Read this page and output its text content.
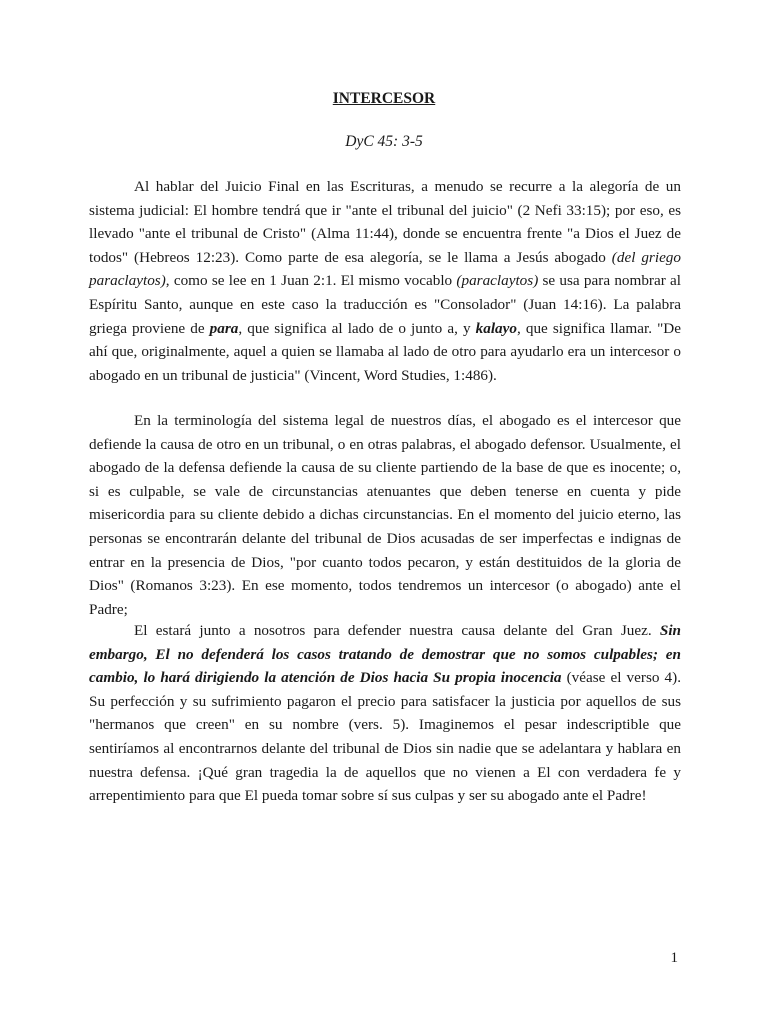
INTERCESOR
DyC 45: 3-5

Al hablar del Juicio Final en las Escrituras, a menudo se recurre a la alegoría de un sistema judicial: El hombre tendrá que ir "ante el tribunal del juicio" (2 Nefi 33:15); por eso, es llevado "ante el tribunal de Cristo" (Alma 11:44), donde se encuentra frente "a Dios el Juez de todos" (Hebreos 12:23). Como parte de esa alegoría, se le llama a Jesús abogado (del griego paraclaytos), como se lee en 1 Juan 2:1. El mismo vocablo (paraclaytos) se usa para nombrar al Espíritu Santo, aunque en este caso la traducción es "Consolador" (Juan 14:16). La palabra griega proviene de para, que significa al lado de o junto a, y kalayo, que significa llamar. "De ahí que, originalmente, aquel a quien se llamaba al lado de otro para ayudarlo era un intercesor o abogado en un tribunal de justicia" (Vincent, Word Studies, 1:486).

En la terminología del sistema legal de nuestros días, el abogado es el intercesor que defiende la causa de otro en un tribunal, o en otras palabras, el abogado defensor. Usualmente, el abogado de la defensa defiende la causa de su cliente partiendo de la base de que es inocente; o, si es culpable, se vale de circunstancias atenuantes que deben tenerse en cuenta y pide misericordia para su cliente debido a dichas circunstancias. En el momento del juicio eterno, las personas se encontrarán delante del tribunal de Dios acusadas de ser imperfectas e indignas de entrar en la presencia de Dios, "por cuanto todos pecaron, y están destituidos de la gloria de Dios" (Romanos 3:23). En ese momento, todos tendremos un intercesor (o abogado) ante el Padre;

El estará junto a nosotros para defender nuestra causa delante del Gran Juez. Sin embargo, El no defenderá los casos tratando de demostrar que no somos culpables; en cambio, lo hará dirigiendo la atención de Dios hacia Su propia inocencia (véase el verso 4). Su perfección y su sufrimiento pagaron el precio para satisfacer la justicia por aquellos de sus "hermanos que creen" en su nombre (vers. 5). Imaginemos el pesar indescriptible que sentiríamos al encontrarnos delante del tribunal de Dios sin nadie que se adelantara y hablara en nuestra defensa. ¡Qué gran tragedia la de aquellos que no vienen a El con verdadera fe y arrepentimiento para que El pueda tomar sobre sí sus culpas y ser su abogado ante el Padre!

1
